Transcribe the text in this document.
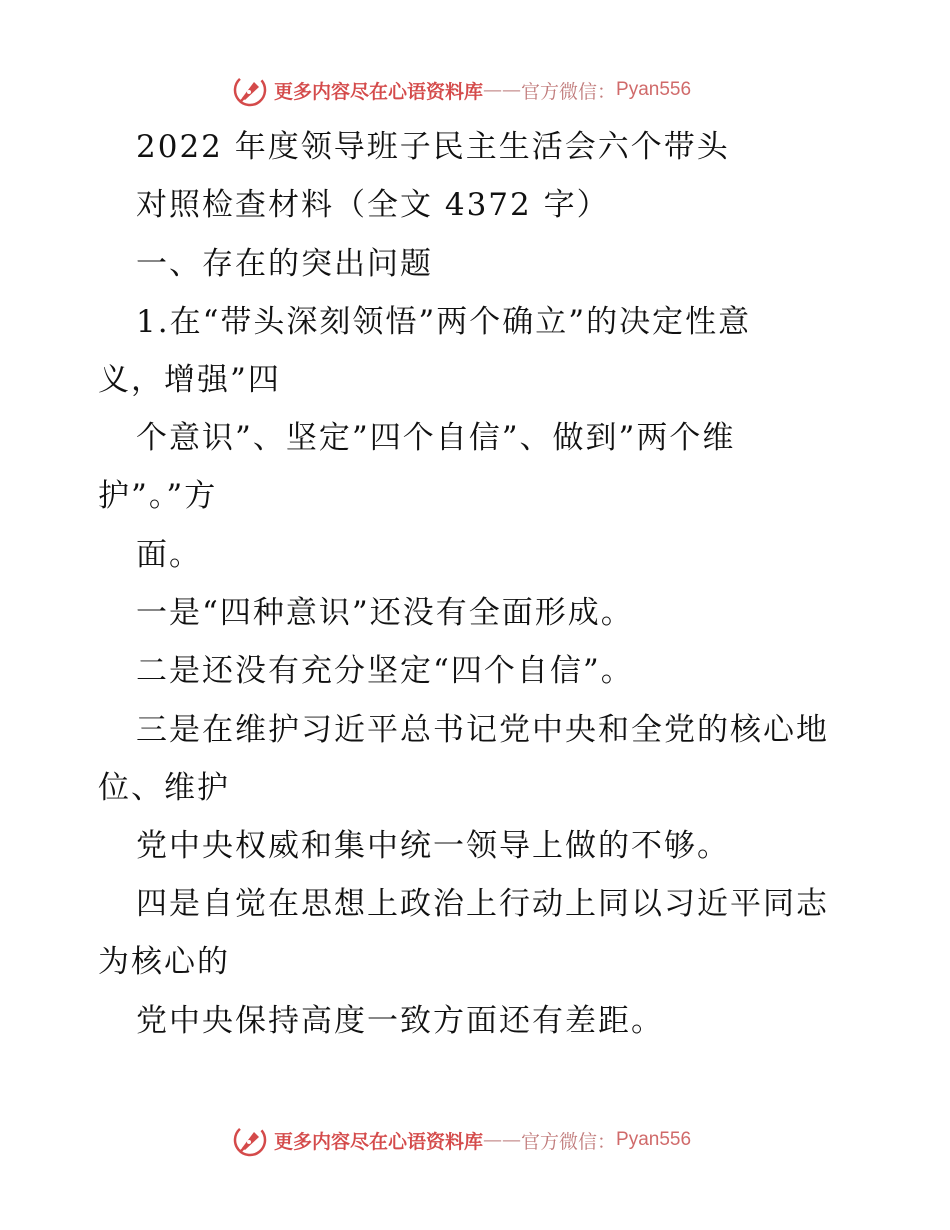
更多内容尽在心语资料库 —— 官方微信： Pyan556
2022 年度领导班子民主生活会六个带头
对照检查材料（全文 4372 字）
一、存在的突出问题
1.在“带头深刻领悟”两个确立”的决定性意
义，增强”四
个意识”、坚定”四个自信”、做到”两个维
护”。”方
面。
一是“四种意识”还没有全面形成。
二是还没有充分坚定“四个自信”。
三是在维护习近平总书记党中央和全党的核心地
位、维护
党中央权威和集中统一领导上做的不够。
四是自觉在思想上政治上行动上同以习近平同志
为核心的
党中央保持高度一致方面还有差距。
更多内容尽在心语资料库 —— 官方微信： Pyan556
